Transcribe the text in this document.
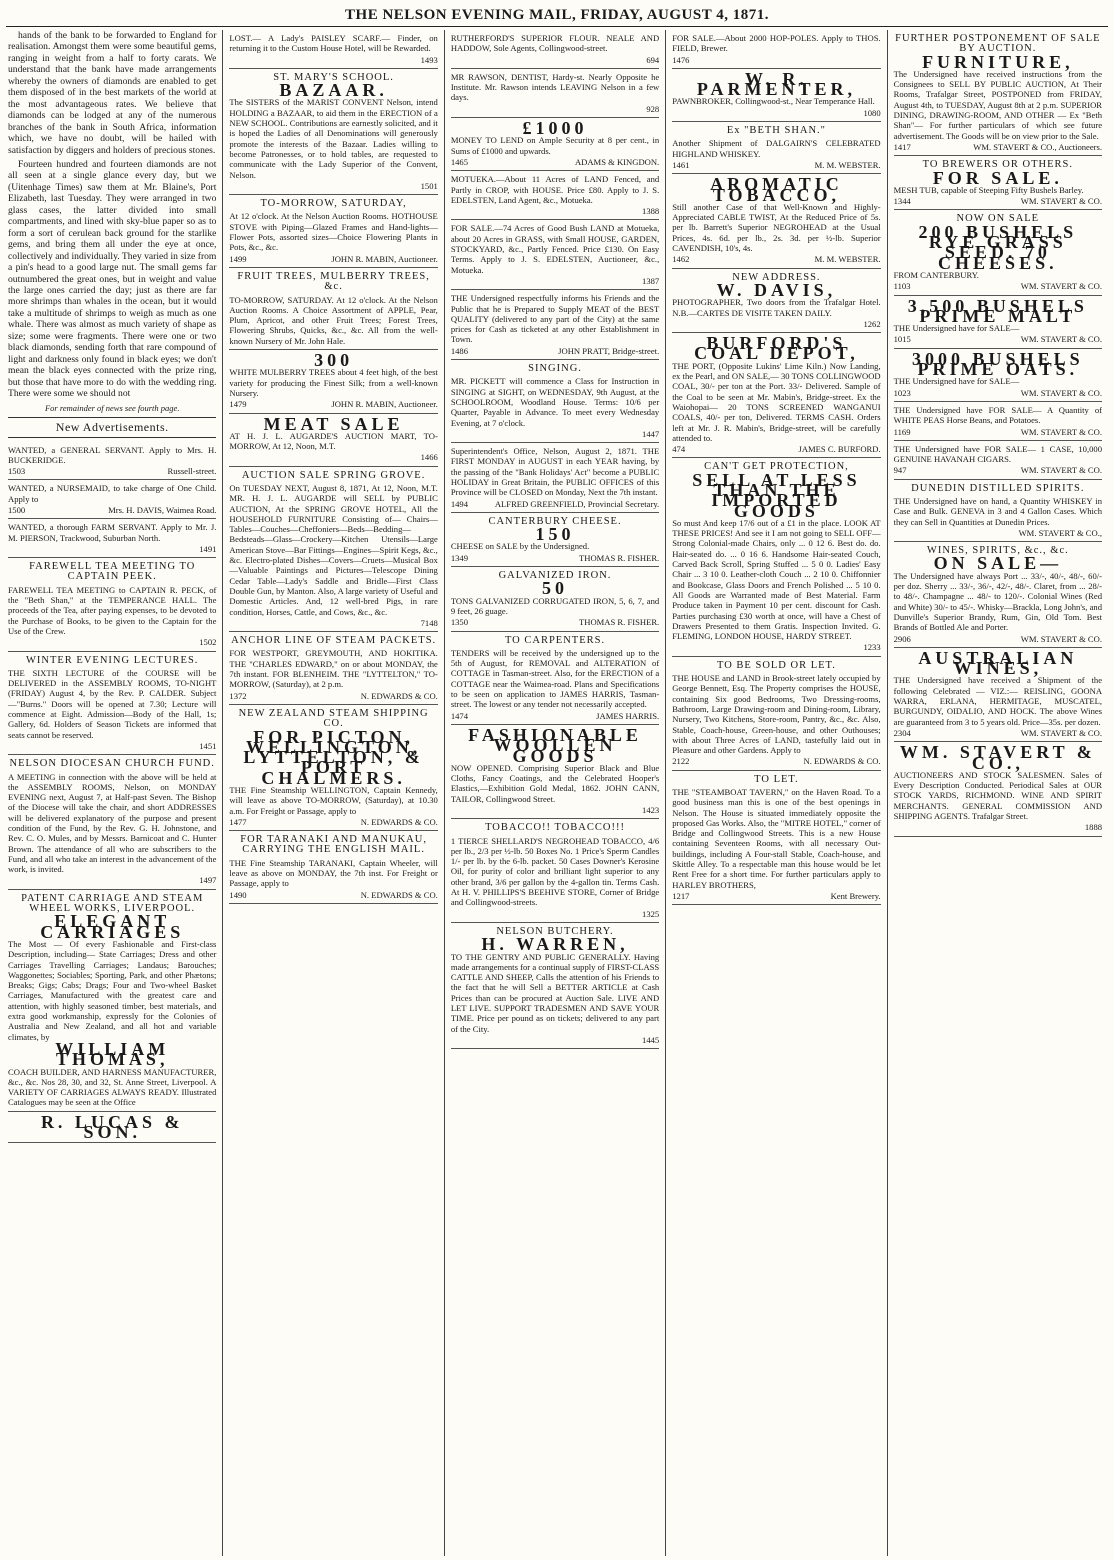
THE NELSON EVENING MAIL, FRIDAY, AUGUST 4, 1871.

hands of the bank to be forwarded to England for realisation. Amongst them were some beautiful gems, ranging in weight from a half to forty carats. We understand that the bank have made arrangements whereby the owners of diamonds are enabled to get them disposed of in the best markets of the world at the most advantageous rates. We believe that diamonds can be lodged at any of the numerous branches of the bank in South Africa, information which, we have no doubt, will be hailed with satisfaction by diggers and holders of precious stones.

Fourteen hundred and fourteen diamonds are not all seen at a single glance every day, but we (Uitenhage Times) saw them at Mr. Blaine's, Port Elizabeth, last Tuesday. They were arranged in two glass cases, the latter divided into small compartments, and lined with sky-blue paper so as to form a sort of cerulean back ground for the starlike gems, and bring them all under the eye at once, collectively and individually. They varied in size from a pin's head to a good large nut. The small gems far outnumbered the great ones, but in weight and value the large ones carried the day; just as there are far more shrimps than whales in the ocean, but it would take a multitude of shrimps to weigh as much as one whale. There was almost as much variety of shape as size; some were fragments. There were one or two black diamonds, sending forth that rare compound of light and darkness only found in black eyes; we don't mean the black eyes connected with the prize ring, but those that have more to do with the wedding ring. There were some we should not

For remainder of news see fourth page.
New Advertisements.
WANTED, a GENERAL SERVANT. Apply to Mrs. H. BUCKERIDGE.
1503	Russell-street.
WANTED, a NURSEMAID, to take charge of One Child. Apply to
1500	Mrs. H. DAVIS, Waimea Road.
WANTED, a thorough FARM SERVANT. Apply to Mr. J. M. PIERSON, Trackwood, Suburban North.
1491
FAREWELL TEA MEETING TO CAPTAIN PEEK.
FAREWELL TEA MEETING to CAPTAIN R. PECK, of the "Beth Shan," at the TEMPERANCE HALL. The proceeds of the Tea, after paying expenses, to be devoted to the Purchase of Books, to be given to the Captain for the Use of the Crew.
1502
WINTER EVENING LECTURES.
THE SIXTH LECTURE of the COURSE will be DELIVERED in the ASSEMBLY ROOMS, TO-NIGHT (FRIDAY) August 4, by the Rev. P. CALDER. Subject—"Burns." Doors will be opened at 7.30; Lecture will commence at Eight. Admission—Body of the Hall, 1s; Gallery, 6d. Holders of Season Tickets are informed that seats cannot be reserved.
1451
NELSON DIOCESAN CHURCH FUND.
A MEETING in connection with the above will be held at the ASSEMBLY ROOMS, Nelson, on MONDAY EVENING next, August 7, at Half-past Seven. The Bishop of the Diocese will take the chair, and short ADDRESSES will be delivered explanatory of the purpose and present condition of the Fund, by the Rev. G. H. Johnstone, and Rev. C. O. Mules, and by Messrs. Barnicoat and C. Hunter Brown. The attendance of all who are subscribers to the Fund, and all who take an interest in the advancement of the work, is invited.
1497
PATENT CARRIAGE AND STEAM WHEEL WORKS, LIVERPOOL.
ELEGANT CARRIAGES
The Most — Of every Fashionable and First-class Description, including— State Carriages; Dress and other Carriages Travelling Carriages; Landaus; Barouches; Waggonettes; Sociables; Sporting, Park, and other Phætons; Breaks; Gigs; Cabs; Drags; Four and Two-wheel Basket Carriages, Manufactured with the greatest care and attention, with highly seasoned timber, best materials, and extra good workmanship, expressly for the Colonies of Australia and New Zealand, and all hot and variable climates, by
WILLIAM THOMAS,
COACH BUILDER, AND HARNESS MANUFACTURER, &c., &c. Nos 28, 30, and 32, St. Anne Street, Liverpool. A VARIETY OF CARRIAGES ALWAYS READY. Illustrated Catalogues may be seen at the Office
R. LUCAS & SON.
LOST.— A Lady's PAISLEY SCARF.— Finder, on returning it to the Custom House Hotel, will be Rewarded.
1493
ST. MARY'S SCHOOL.
BAZAAR.
The SISTERS of the MARIST CONVENT Nelson, intend HOLDING a BAZAAR, to aid them in the ERECTION of a NEW SCHOOL. Contributions are earnestly solicited, and it is hoped the Ladies of all Denominations will generously promote the interests of the Bazaar. Ladies willing to become Patronesses, or to hold tables, are requested to communicate with the Lady Superior of the Convent, Nelson.
1501
TO-MORROW, SATURDAY,
At 12 o'clock. At the Nelson Auction Rooms. HOTHOUSE STOVE with Piping—Glazed Frames and Hand-lights—Flower Pots, assorted sizes—Choice Flowering Plants in Pots, &c., &c.
1499	JOHN R. MABIN, Auctioneer.
FRUIT TREES, MULBERRY TREES, &c.
TO-MORROW, SATURDAY. At 12 o'clock. At the Nelson Auction Rooms. A Choice Assortment of APPLE, Pear, Plum, Apricot, and other Fruit Trees; Forest Trees, Flowering Shrubs, Quicks, &c., &c. All from the well-known Nursery of Mr. John Hale.
300
WHITE MULBERRY TREES about 4 feet high, of the best variety for producing the Finest Silk; from a well-known Nursery.
1479	JOHN R. MABIN, Auctioneer.
MEAT SALE
AT H. J. L. AUGARDE'S AUCTION MART, TO-MORROW, At 12, Noon, M.T.
1466
AUCTION SALE SPRING GROVE.
On TUESDAY NEXT, August 8, 1871, At 12, Noon, M.T. MR. H. J. L. AUGARDE will SELL by PUBLIC AUCTION, At the SPRING GROVE HOTEL, All the HOUSEHOLD FURNITURE Consisting of— Chairs—Tables—Couches—Cheffoniers—Beds—Bedding—Bedsteads—Glass—Crockery—Kitchen Utensils—Large American Stove—Bar Fittings—Engines—Spirit Kegs, &c., &c. Electro-plated Dishes—Covers—Cruets—Musical Box—Valuable Paintings and Pictures—Telescope Dining Cedar Table—Lady's Saddle and Bridle—First Class Double Gun, by Manton. Also, A large variety of Useful and Domestic Articles. And, 12 well-bred Pigs, in rare condition, Horses, Cattle, and Cows, &c., &c.
7148
ANCHOR LINE OF STEAM PACKETS.
FOR WESTPORT, GREYMOUTH, AND HOKITIKA. THE "CHARLES EDWARD," on or about MONDAY, the 7th instant. FOR BLENHEIM. THE "LYTTELTON," TO-MORROW, (Saturday), at 2 p.m.
1372	N. EDWARDS & CO.
NEW ZEALAND STEAM SHIPPING CO.
FOR PICTON, WELLINGTON, LYTTELTON, & PORT CHALMERS.
THE Fine Steamship WELLINGTON, Captain Kennedy, will leave as above TO-MORROW, (Saturday), at 10.30 a.m. For Freight or Passage, apply to
1477	N. EDWARDS & CO.
FOR TARANAKI AND MANUKAU, CARRYING THE ENGLISH MAIL.
THE Fine Steamship TARANAKI, Captain Wheeler, will leave as above on MONDAY, the 7th inst. For Freight or Passage, apply to
1490	N. EDWARDS & CO.
RUTHERFORD'S SUPERIOR FLOUR. NEALE AND HADDOW, Sole Agents, Collingwood-street.
694
MR RAWSON, DENTIST, Hardy-st. Nearly Opposite he Institute. Mr. Rawson intends LEAVING Nelson in a few days.
928
£1000
MONEY TO LEND on Ample Security at 8 per cent., in Sums of £1000 and upwards.
1465	ADAMS & KINGDON.
MOTUEKA.—About 11 Acres of LAND Fenced, and Partly in CROP, with HOUSE. Price £80. Apply to J. S. EDELSTEN, Land Agent, &c., Motueka.
1388
FOR SALE.—74 Acres of Good Bush LAND at Motueka, about 20 Acres in GRASS, with Small HOUSE, GARDEN, STOCKYARD, &c., Partly Fenced. Price £130. On Easy Terms. Apply to J. S. EDELSTEN, Auctioneer, &c., Motueka.
1387
THE Undersigned respectfully informs his Friends and the Public that he is Prepared to Supply MEAT of the BEST QUALITY (delivered to any part of the City) at the same prices for Cash as ticketed at any other Establishment in Town.
1486	JOHN PRATT, Bridge-street.
SINGING.
MR. PICKETT will commence a Class for Instruction in SINGING at SIGHT, on WEDNESDAY, 9th August, at the SCHOOLROOM, Woodland House. Terms: 10/6 per Quarter, Payable in Advance. To meet every Wednesday Evening, at 7 o'clock.
1447
Superintendent's Office, Nelson, August 2, 1871. THE FIRST MONDAY in AUGUST in each YEAR having, by the passing of the "Bank Holidays' Act" become a PUBLIC HOLIDAY in Great Britain, the PUBLIC OFFICES of this Province will be CLOSED on Monday, Next the 7th instant.
1494	ALFRED GREENFIELD, Provincial Secretary.
CANTERBURY CHEESE.
150
CHEESE on SALE by the Undersigned.
1349	THOMAS R. FISHER.
GALVANIZED IRON.
50
TONS GALVANIZED CORRUGATED IRON, 5, 6, 7, and 9 feet, 26 guage.
1350	THOMAS R. FISHER.
TO CARPENTERS.
TENDERS will be received by the undersigned up to the 5th of August, for REMOVAL and ALTERATION of COTTAGE in Tasman-street. Also, for the ERECTION of a COTTAGE near the Waimea-road. Plans and Specifications to be seen on application to JAMES HARRIS, Tasman-street. The lowest or any tender not necessarily accepted.
1474	JAMES HARRIS.
FASHIONABLE WOOLLEN GOODS
NOW OPENED. Comprising Superior Black and Blue Cloths, Fancy Coatings, and the Celebrated Hooper's Elastics,—Exhibition Gold Medal, 1862. JOHN CANN, TAILOR, Collingwood Street.
1423
TOBACCO!! TOBACCO!!!
1 TIERCE SHELLARD'S NEGROHEAD TOBACCO, 4/6 per lb., 2/3 per ½-lb. 50 Boxes No. 1 Price's Sperm Candles 1/- per lb. by the 6-lb. packet. 50 Cases Downer's Kerosine Oil, for purity of color and brilliant light superior to any other brand, 3/6 per gallon by the 4-gallon tin. Terms Cash. At H. V. PHILLIPS'S BEEHIVE STORE, Corner of Bridge and Collingwood-streets.
1325
NELSON BUTCHERY.
H. WARREN,
TO THE GENTRY AND PUBLIC GENERALLY. Having made arrangements for a continual supply of FIRST-CLASS CATTLE AND SHEEP, Calls the attention of his Friends to the fact that he will Sell a BETTER ARTICLE at Cash Prices than can be procured at Auction Sale. LIVE AND LET LIVE. SUPPORT TRADESMEN AND SAVE YOUR TIME. Price per pound as on tickets; delivered to any part of the City.
1445
FOR SALE.—About 2000 HOP-POLES. Apply to THOS. FIELD, Brewer.
1476
W. R. PARMENTER,
PAWNBROKER, Collingwood-st., Near Temperance Hall.
1080
Ex "BETH SHAN."
Another Shipment of DALGAIRN'S CELEBRATED HIGHLAND WHISKEY.
1461	M. M. WEBSTER.
AROMATIC TOBACCO,
Still another Case of that Well-Known and Highly-Appreciated CABLE TWIST, At the Reduced Price of 5s. per lb. Barrett's Superior NEGROHEAD at the Usual Prices, 4s. 6d. per lb., 2s. 3d. per ½-lb. Superior CAVENDISH, 10's, 4s.
1462	M. M. WEBSTER.
NEW ADDRESS.
W. DAVIS,
PHOTOGRAPHER, Two doors from the Trafalgar Hotel. N.B.—CARTES DE VISITE TAKEN DAILY.
1262
BURFORD'S COAL DEPOT,
THE PORT, (Opposite Lukins' Lime Kiln.) Now Landing, ex the Pearl, and ON SALE,— 30 TONS COLLINGWOOD COAL, 30/- per ton at the Port. 33/- Delivered. Sample of the Coal to be seen at Mr. Mabin's, Bridge-street. Ex the Waiohopai— 20 TONS SCREENED WANGANUI COALS, 40/- per ton, Delivered. TERMS CASH. Orders left at Mr. J. R. Mabin's, Bridge-street, will be carefully attended to.
474	JAMES C. BURFORD.
CAN'T GET PROTECTION,
SELL AT LESS THAN THE IMPORTED GOODS
So must And keep 17/6 out of a £1 in the place. LOOK AT THESE PRICES! And see it I am not going to SELL OFF— Strong Colonial-made Chairs, only ... 0 12 6. Best do. do. Hair-seated do. ... 0 16 6. Handsome Hair-seated Couch, Carved Back Scroll, Spring Stuffed ... 5 0 0. Ladies' Easy Chair ... 3 10 0. Leather-cloth Couch ... 2 10 0. Chiffonnier and Bookcase, Glass Doors and French Polished ... 5 10 0. All Goods are Warranted made of Best Material. Farm Produce taken in Payment 10 per cent. discount for Cash. Parties purchasing £30 worth at once, will have a Chest of Drawers Presented to them Gratis. Inspection Invited. G. FLEMING, LONDON HOUSE, HARDY STREET.
1233
TO BE SOLD OR LET.
THE HOUSE and LAND in Brook-street lately occupied by George Bennett, Esq. The Property comprises the HOUSE, containing Six good Bedrooms, Two Dressing-rooms, Bathroom, Large Drawing-room and Dining-room, Library, Nursery, Two Kitchens, Store-room, Pantry, &c., &c. Also, Stable, Coach-house, Green-house, and other Outhouses; with about Three Acres of LAND, tastefully laid out in Pleasure and other Gardens. Apply to
2122	N. EDWARDS & CO.
TO LET.
THE "STEAMBOAT TAVERN," on the Haven Road. To a good business man this is one of the best openings in Nelson. The House is situated immediately opposite the proposed Gas Works. Also, the "MITRE HOTEL," corner of Bridge and Collingwood Streets. This is a new House containing Seventeen Rooms, with all necessary Out-buildings, including A Four-stall Stable, Coach-house, and Skittle Alley. To a respectable man this house would be let Rent Free for a short time. For further particulars apply to HARLEY BROTHERS,
1217	Kent Brewery.
FURTHER POSTPONEMENT OF SALE BY AUCTION.
FURNITURE,
The Undersigned have received instructions from the Consignees to SELL BY PUBLIC AUCTION, At Their Rooms, Trafalgar Street, POSTPONED from FRIDAY, August 4th, to TUESDAY, August 8th at 2 p.m. SUPERIOR DINING, DRAWING-ROOM, AND OTHER — Ex "Beth Shan"— For further particulars of which see future advertisement. The Goods will be on view prior to the Sale.
1417	WM. STAVERT & CO., Auctioneers.
TO BREWERS OR OTHERS.
FOR SALE.
MESH TUB, capable of Steeping Fifty Bushels Barley.
1344	WM. STAVERT & CO.
NOW ON SALE
200 BUSHELS RYE GRASS SEED. 70 CHEESES.
FROM CANTERBURY.
1103	WM. STAVERT & CO.
3,500 BUSHELS PRIME MALT
THE Undersigned have for SALE—
1015	WM. STAVERT & CO.
3000 BUSHELS PRIME OATS.
THE Undersigned have for SALE—
1023	WM. STAVERT & CO.
THE Undersigned have FOR SALE— A Quantity of WHITE PEAS Horse Beans, and Potatoes.
1169	WM. STAVERT & CO.
THE Undersigned have FOR SALE— 1 CASE, 10,000 GENUINE HAVANAH CIGARS.
947	WM. STAVERT & CO.
DUNEDIN DISTILLED SPIRITS.
THE Undersigned have on hand, a Quantity WHISKEY in Case and Bulk. GENEVA in 3 and 4 Gallon Cases. Which they can Sell in Quantities at Dunedin Prices.
WM. STAVERT & CO.,
WINES, SPIRITS, &c., &c.
ON SALE—
The Undersigned have always Port ... 33/-, 40/-, 48/-, 60/- per doz. Sherry ... 33/-, 36/-, 42/-, 48/-. Claret, from ... 28/- to 48/-. Champagne ... 48/- to 120/-. Colonial Wines (Red and White) 30/- to 45/-. Whisky—Brackla, Long John's, and Dunville's Superior Brandy, Rum, Gin, Old Tom. Best Brands of Bottled Ale and Porter.
2906	WM. STAVERT & CO.
AUSTRALIAN WINES,
THE Undersigned have received a Shipment of the following Celebrated — VIZ.:— REISLING, GOONA WARRA, ERLANA, HERMITAGE, MUSCATEL, BURGUNDY, OIDALIO, AND HOCK. The above Wines are guaranteed from 3 to 5 years old. Price—35s. per dozen.
2304	WM. STAVERT & CO.
WM. STAVERT & CO.,
AUCTIONEERS AND STOCK SALESMEN. Sales of Every Description Conducted. Periodical Sales at OUR STOCK YARDS, RICHMOND. WINE AND SPIRIT MERCHANTS. GENERAL COMMISSION AND SHIPPING AGENTS. Trafalgar Street.
1888
